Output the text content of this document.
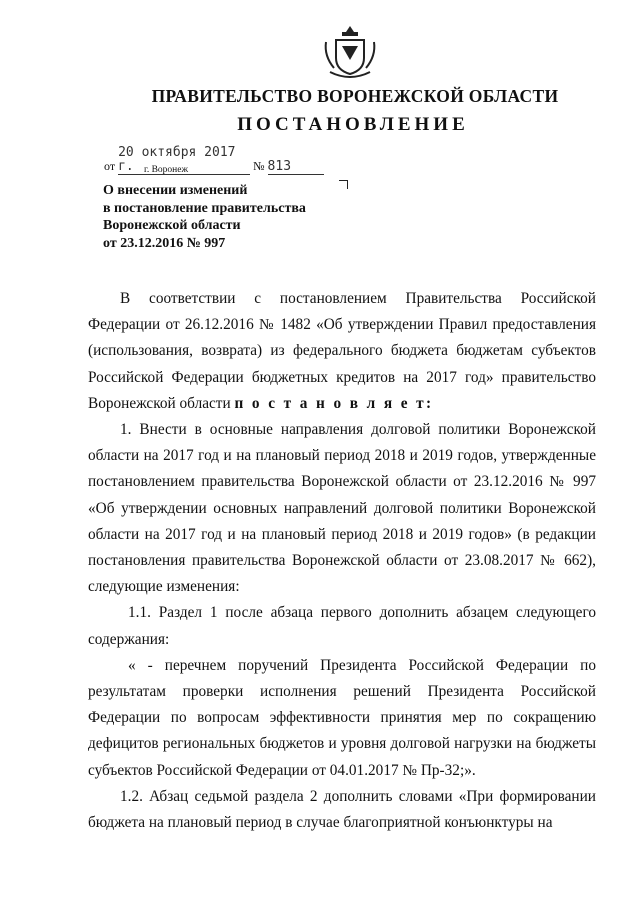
ПРАВИТЕЛЬСТВО ВОРОНЕЖСКОЙ ОБЛАСТИ
ПОСТАНОВЛЕНИЕ
от 20 октября 2017 г.	№ 813
г. Воронеж
О внесении изменений
в постановление правительства
Воронежской области
от 23.12.2016 № 997

В соответствии с постановлением Правительства Российской Федерации от 26.12.2016 № 1482 «Об утверждении Правил предоставления (использования, возврата) из федерального бюджета бюджетам субъектов Российской Федерации бюджетных кредитов на 2017 год» правительство Воронежской области п о с т а н о в л я е т:

1. Внести в основные направления долговой политики Воронежской области на 2017 год и на плановый период 2018 и 2019 годов, утвержденные постановлением правительства Воронежской области от 23.12.2016 № 997 «Об утверждении основных направлений долговой политики Воронежской области на 2017 год и на плановый период 2018 и 2019 годов» (в редакции постановления правительства Воронежской области от 23.08.2017 № 662), следующие изменения:

1.1. Раздел 1 после абзаца первого дополнить абзацем следующего содержания:

« - перечнем поручений Президента Российской Федерации по результатам проверки исполнения решений Президента Российской Федерации по вопросам эффективности принятия мер по сокращению дефицитов региональных бюджетов и уровня долговой нагрузки на бюджеты субъектов Российской Федерации от 04.01.2017 № Пр-32;».

1.2. Абзац седьмой раздела 2 дополнить словами «При формировании бюджета на плановый период в случае благоприятной конъюнктуры на
